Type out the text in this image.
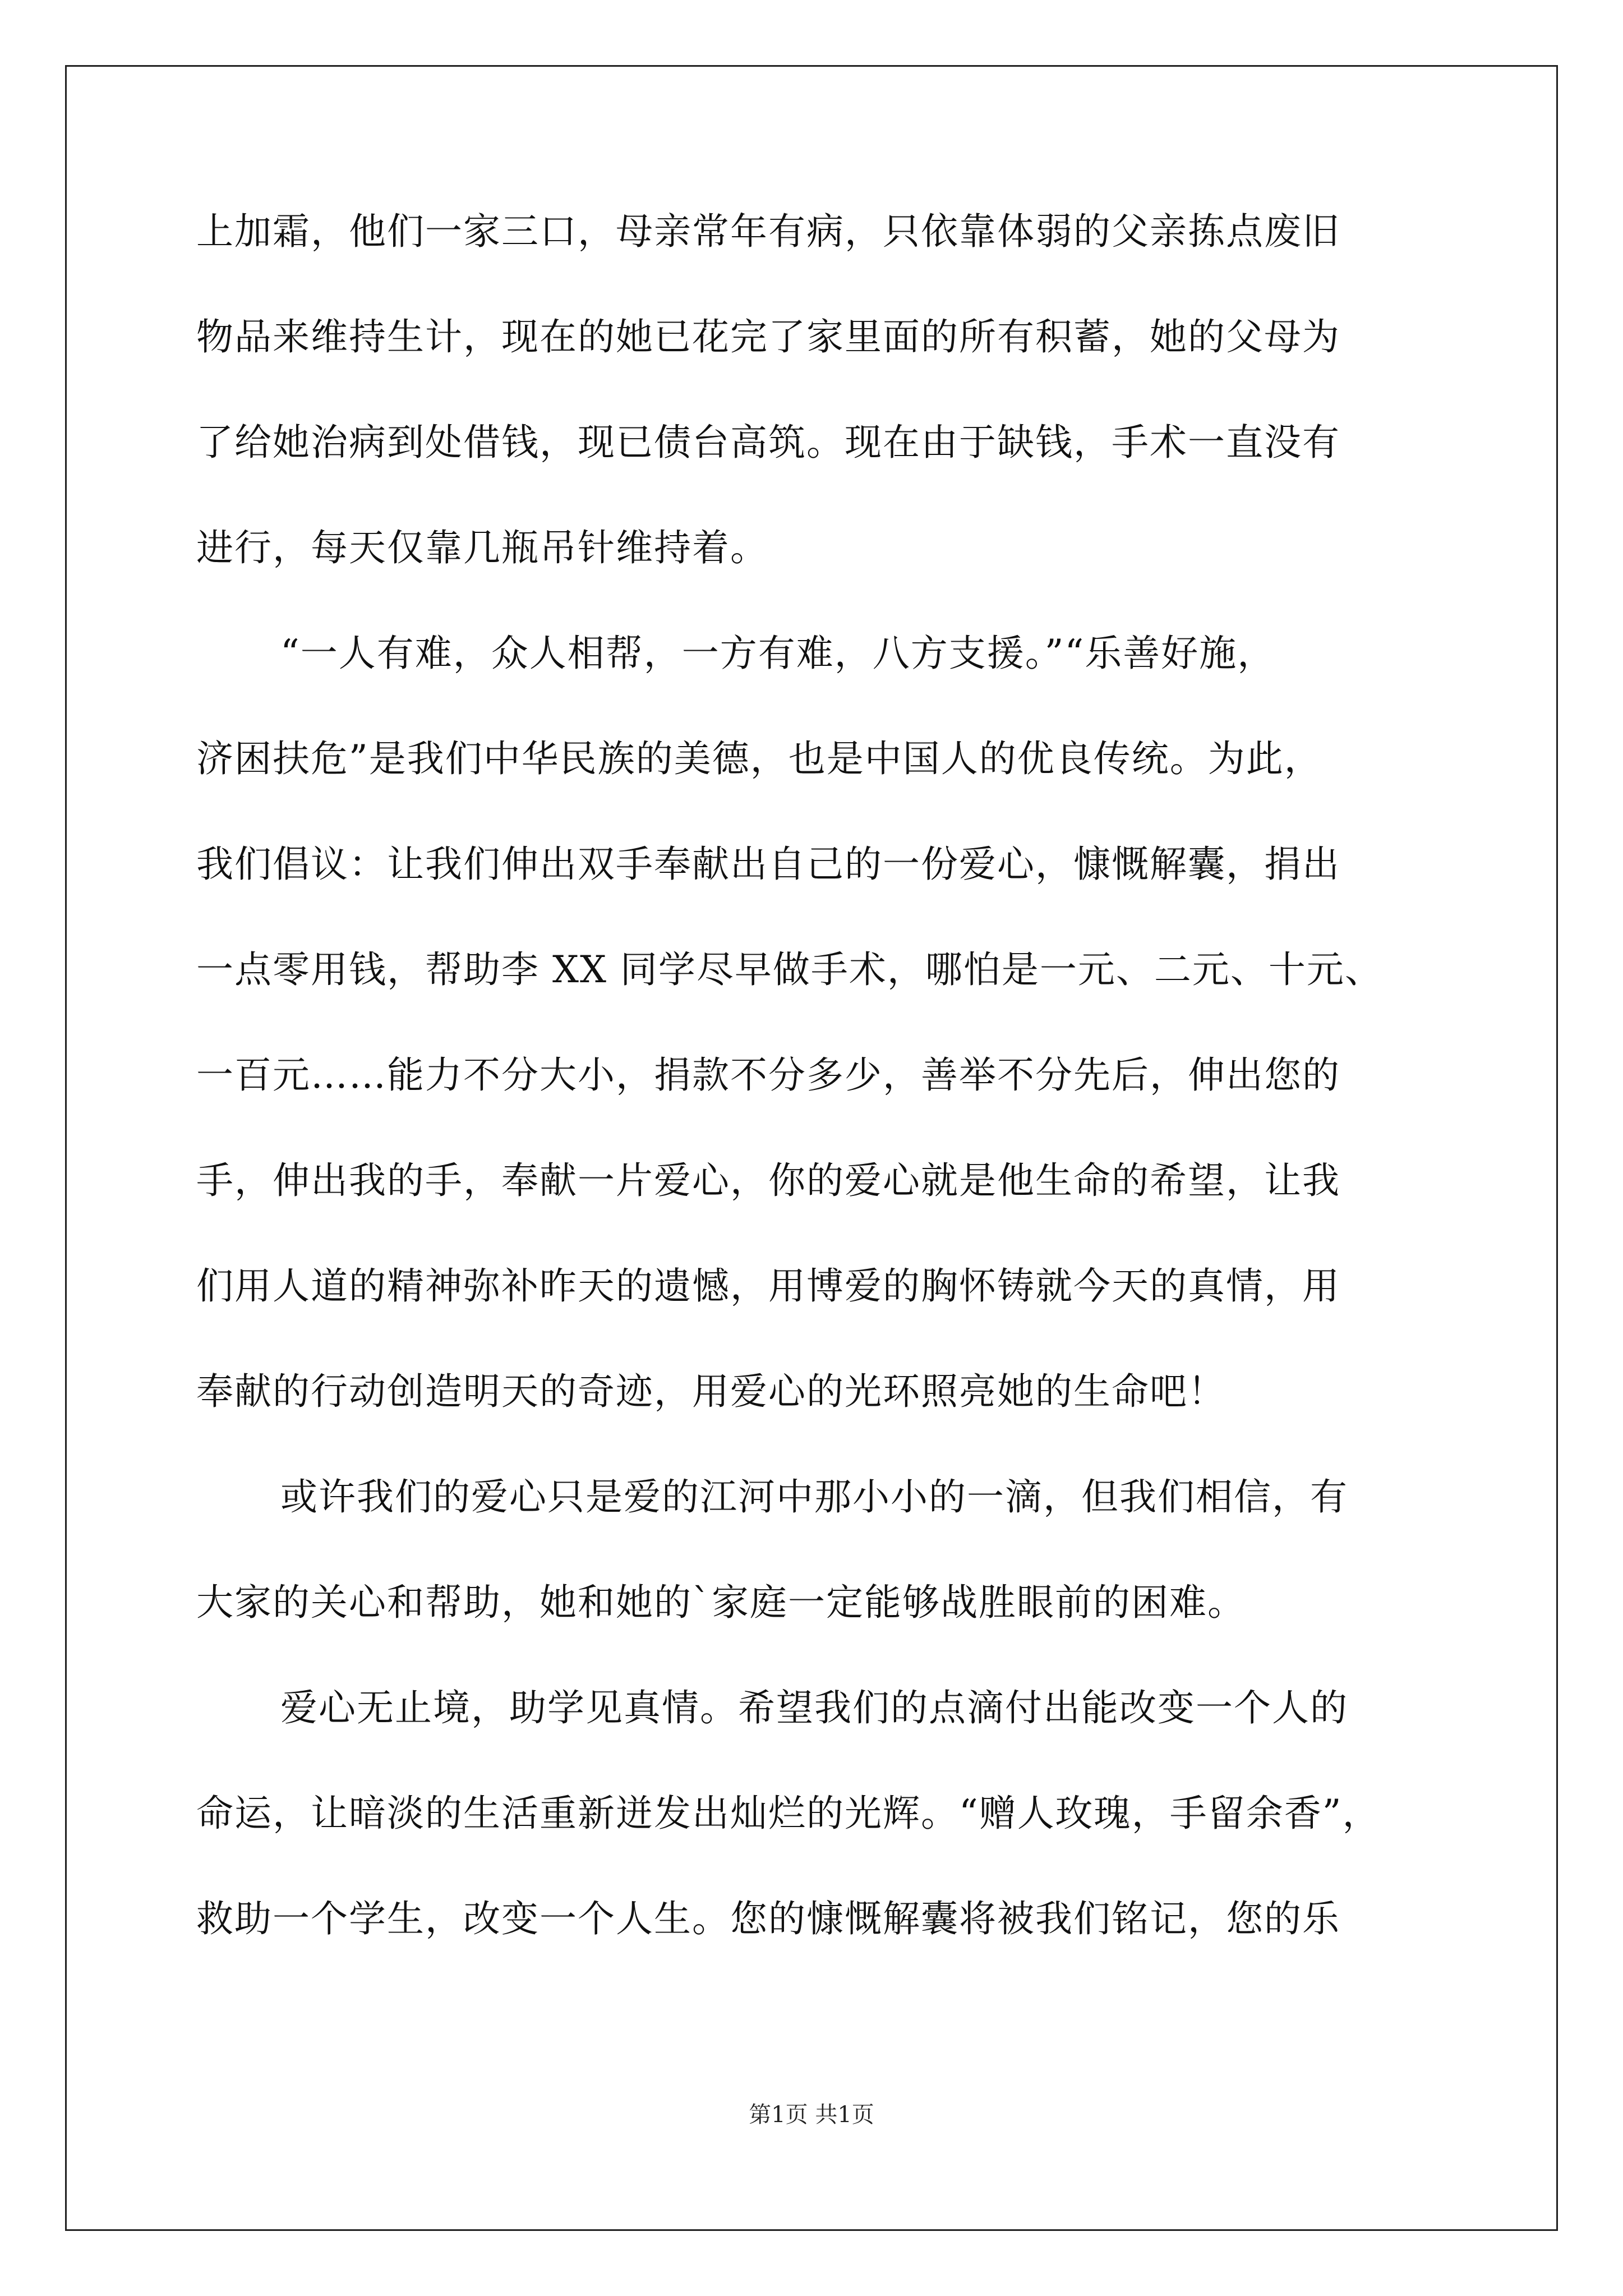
上加霜，他们一家三口，母亲常年有病，只依靠体弱的父亲拣点废旧
物品来维持生计，现在的她已花完了家里面的所有积蓄，她的父母为
了给她治病到处借钱，现已债台高筑。现在由于缺钱，手术一直没有
进行，每天仅靠几瓶吊针维持着。
“一人有难，众人相帮，一方有难，八方支援。”“乐善好施，
济困扶危”是我们中华民族的美德，也是中国人的优良传统。为此，
我们倡议：让我们伸出双手奉献出自己的一份爱心，慷慨解囊，捐出
一点零用钱，帮助李 XX 同学尽早做手术，哪怕是一元、二元、十元、
一百元……能力不分大小，捐款不分多少，善举不分先后，伸出您的
手，伸出我的手，奉献一片爱心，你的爱心就是他生命的希望，让我
们用人道的精神弥补昨天的遗憾，用博爱的胸怀铸就今天的真情，用
奉献的行动创造明天的奇迹，用爱心的光环照亮她的生命吧！
或许我们的爱心只是爱的江河中那小小的一滴，但我们相信，有
大家的关心和帮助，她和她的`家庭一定能够战胜眼前的困难。
爱心无止境，助学见真情。希望我们的点滴付出能改变一个人的
命运，让暗淡的生活重新迸发出灿烂的光辉。“赠人玫瑰，手留余香”，
救助一个学生，改变一个人生。您的慷慨解囊将被我们铭记，您的乐
第1页 共1页
